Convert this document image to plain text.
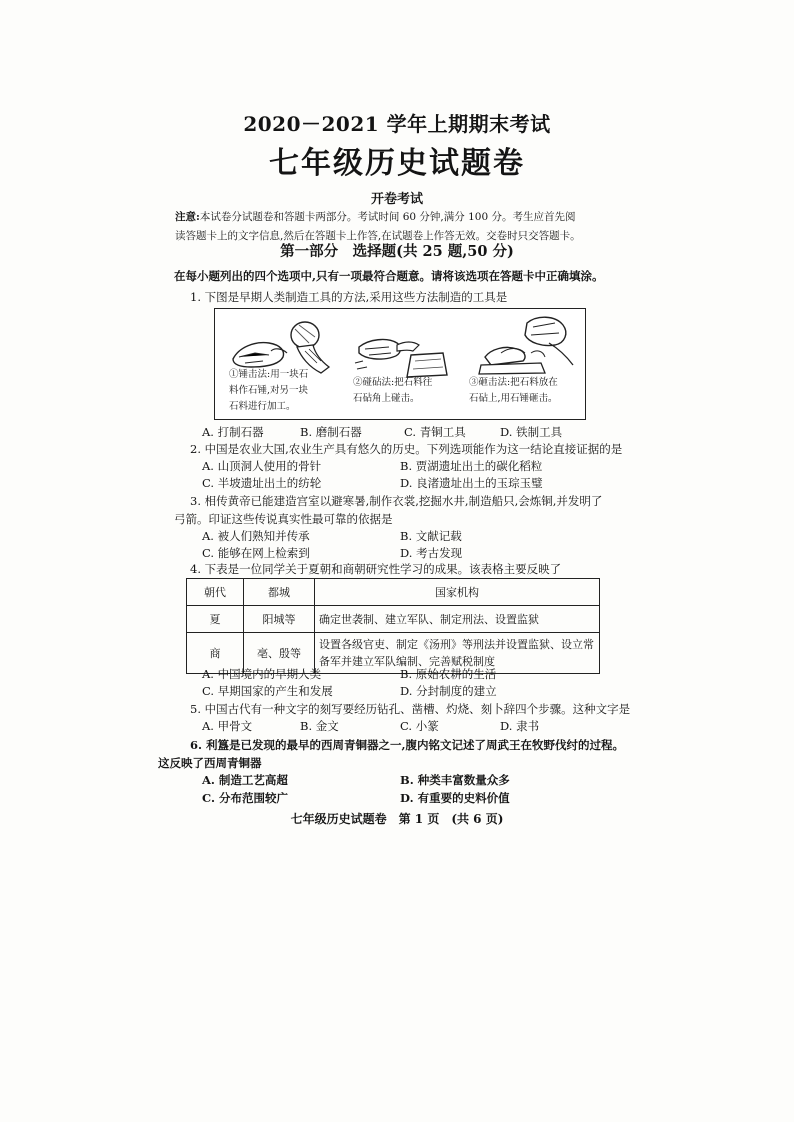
2020－2021 学年上期期末考试
七年级历史试题卷
开卷考试
注意:本试卷分试题卷和答题卡两部分。考试时间 60 分钟,满分 100 分。考生应首先阅
读答题卡上的文字信息,然后在答题卡上作答,在试题卷上作答无效。交卷时只交答题卡。
第一部分　选择题(共 25 题,50 分)
在每小题列出的四个选项中,只有一项最符合题意。请将该选项在答题卡中正确填涂。
1. 下图是早期人类制造工具的方法,采用这些方法制造的工具是
①锤击法:用一块石
料作石锤,对另一块
石料进行加工。
②碰砧法:把石料往
石砧角上碰击。
③砸击法:把石料放在
石砧上,用石锤砸击。
A. 打制石器	B. 磨制石器	C. 青铜工具	D. 铁制工具
2. 中国是农业大国,农业生产具有悠久的历史。下列选项能作为这一结论直接证据的是
A. 山顶洞人使用的骨针	B. 贾湖遗址出土的碳化稻粒
C. 半坡遗址出土的纺轮	D. 良渚遗址出土的玉琮玉璧
3. 相传黄帝已能建造宫室以避寒暑,制作衣裳,挖掘水井,制造船只,会炼铜,并发明了
弓箭。印证这些传说真实性最可靠的依据是
A. 被人们熟知并传承	B. 文献记载
C. 能够在网上检索到	D. 考古发现
4. 下表是一位同学关于夏朝和商朝研究性学习的成果。该表格主要反映了
朝代	都城	国家机构
夏	阳城等	确定世袭制、建立军队、制定刑法、设置监狱
商	亳、殷等	设置各级官吏、制定《汤刑》等刑法并设置监狱、设立常备军并建立军队编制、完善赋税制度
A. 中国境内的早期人类	B. 原始农耕的生活
C. 早期国家的产生和发展	D. 分封制度的建立
5. 中国古代有一种文字的刻写要经历钻孔、凿槽、灼烧、刻卜辞四个步骤。这种文字是
A. 甲骨文	B. 金文	C. 小篆	D. 隶书
6. 利簋是已发现的最早的西周青铜器之一,腹内铭文记述了周武王在牧野伐纣的过程。
这反映了西周青铜器
A. 制造工艺高超	B. 种类丰富数量众多
C. 分布范围较广	D. 有重要的史料价值
七年级历史试题卷　第 1 页　(共 6 页)
